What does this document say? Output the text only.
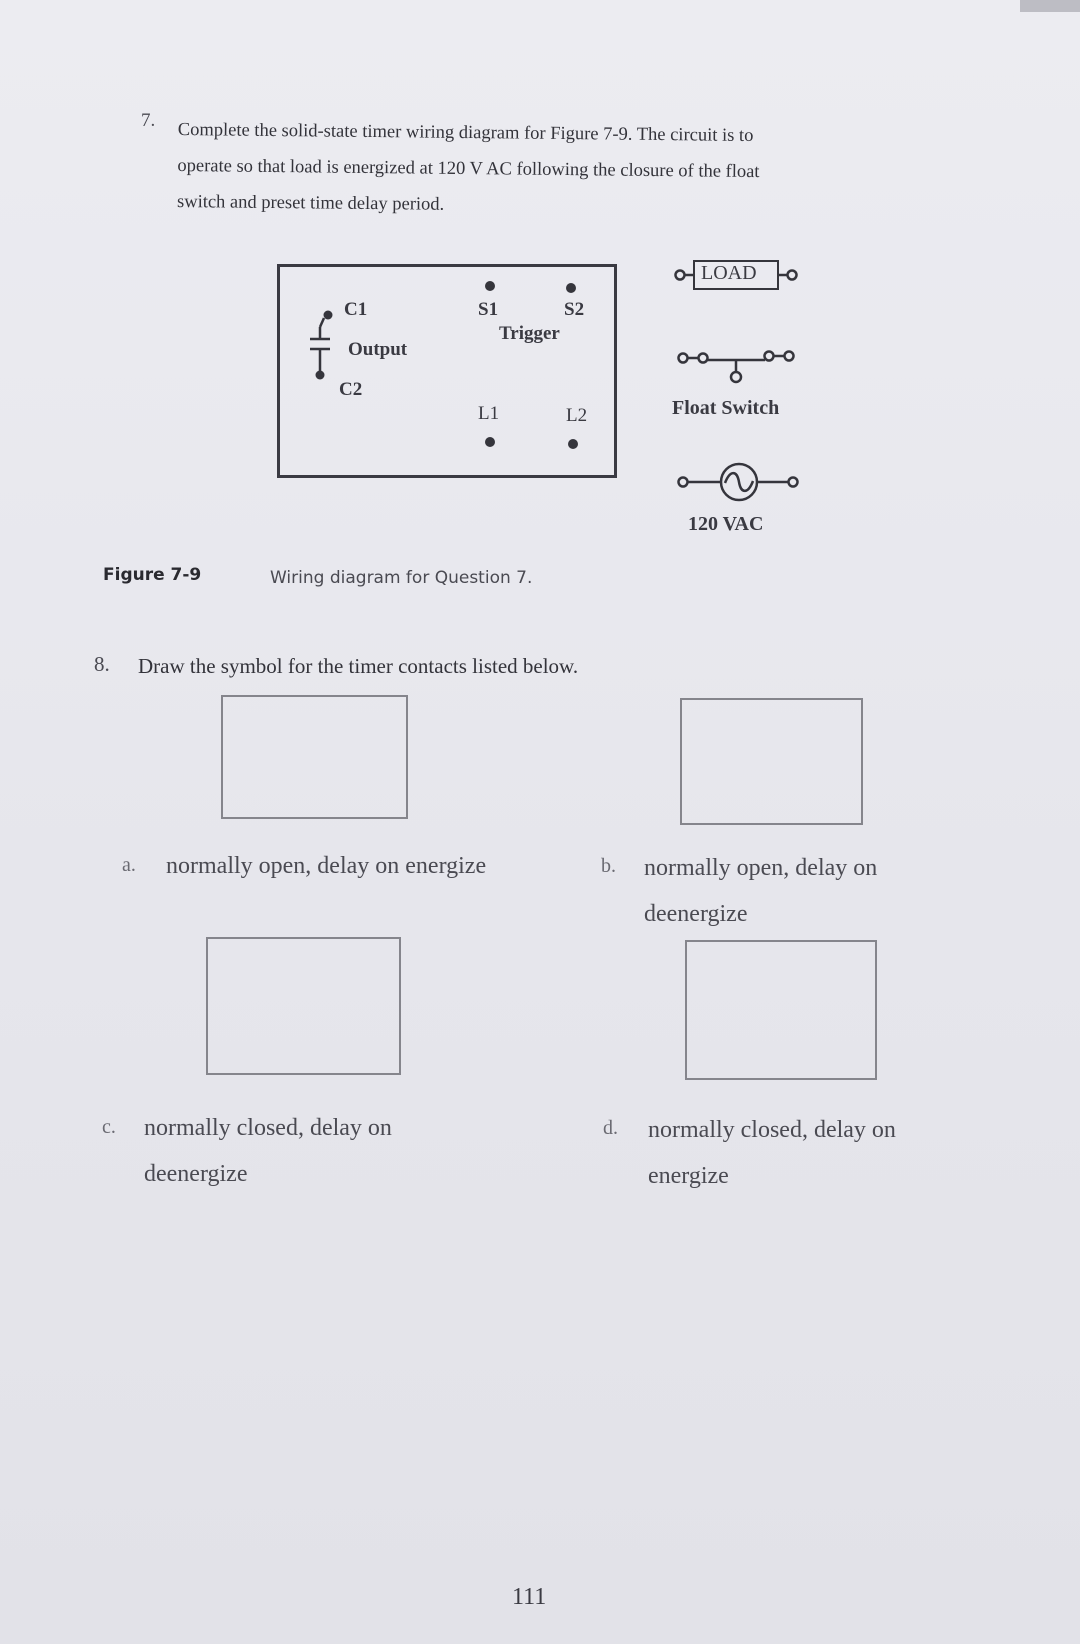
7. Complete the solid-state timer wiring diagram for Figure 7-9. The circuit is to
operate so that load is energized at 120 V AC following the closure of the float
switch and preset time delay period.
C1
Output
C2
S1	S2
Trigger
L1	L2
LOAD
Float Switch
120 VAC
Figure 7-9	Wiring diagram for Question 7.
8. Draw the symbol for the timer contacts listed below.
a. normally open, delay on energize	b. normally open, delay on
deenergize
c. normally closed, delay on
deenergize
d. normally closed, delay on
energize
111
